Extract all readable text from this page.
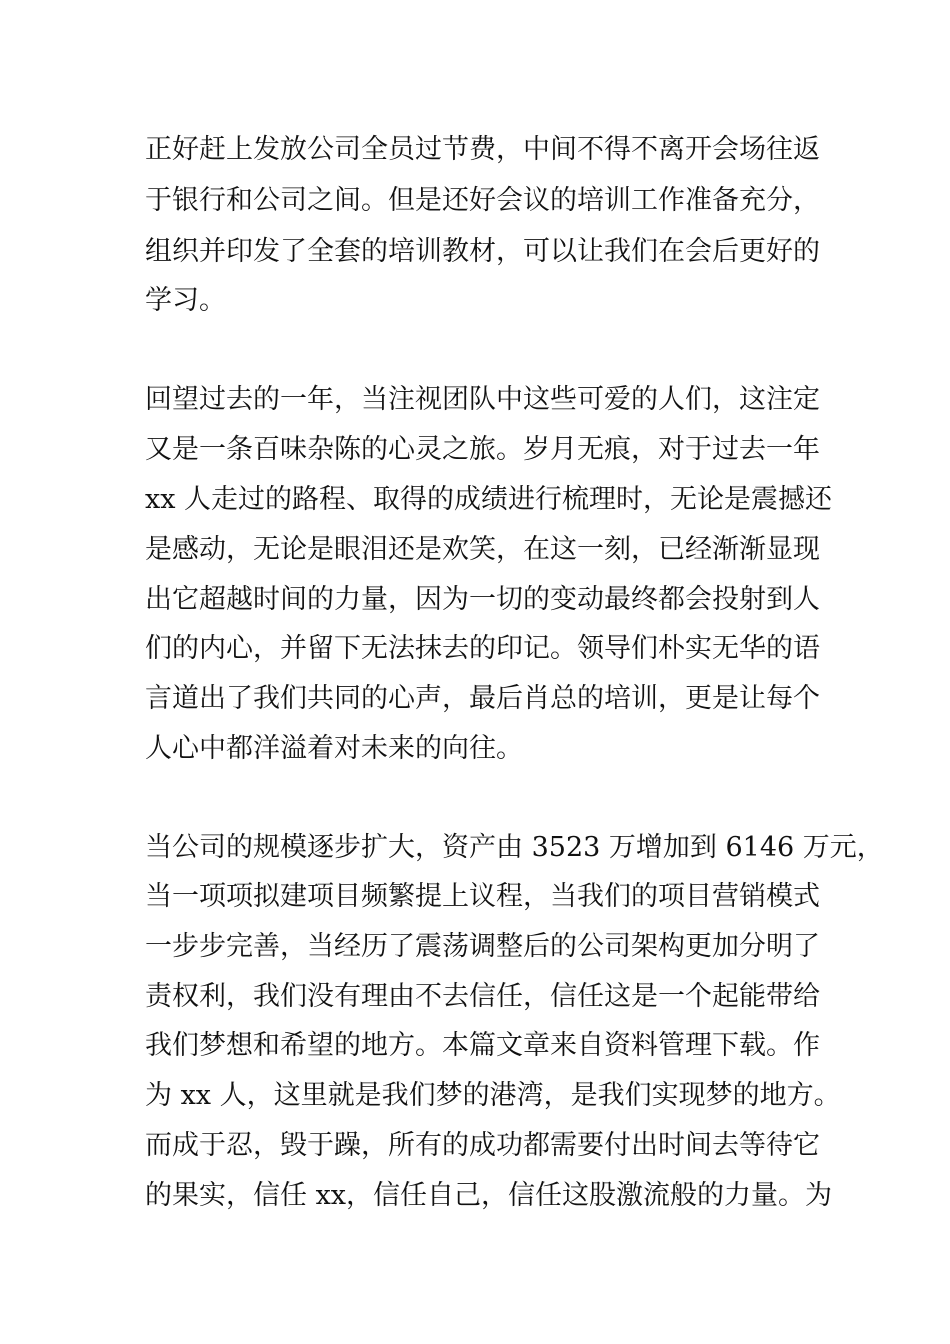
正好赶上发放公司全员过节费，中间不得不离开会场往返
于银行和公司之间。但是还好会议的培训工作准备充分，
组织并印发了全套的培训教材，可以让我们在会后更好的
学习。
回望过去的一年，当注视团队中这些可爱的人们，这注定
又是一条百味杂陈的心灵之旅。岁月无痕，对于过去一年
xx 人走过的路程、取得的成绩进行梳理时，无论是震撼还
是感动，无论是眼泪还是欢笑，在这一刻，已经渐渐显现
出它超越时间的力量，因为一切的变动最终都会投射到人
们的内心，并留下无法抹去的印记。领导们朴实无华的语
言道出了我们共同的心声，最后肖总的培训，更是让每个
人心中都洋溢着对未来的向往。
当公司的规模逐步扩大，资产由 3523 万增加到 6146 万元，
当一项项拟建项目频繁提上议程，当我们的项目营销模式
一步步完善，当经历了震荡调整后的公司架构更加分明了
责权利，我们没有理由不去信任，信任这是一个起能带给
我们梦想和希望的地方。本篇文章来自资料管理下载。作
为 xx 人，这里就是我们梦的港湾，是我们实现梦的地方。
而成于忍，毁于躁，所有的成功都需要付出时间去等待它
的果实，信任 xx，信任自己，信任这股激流般的力量。为
